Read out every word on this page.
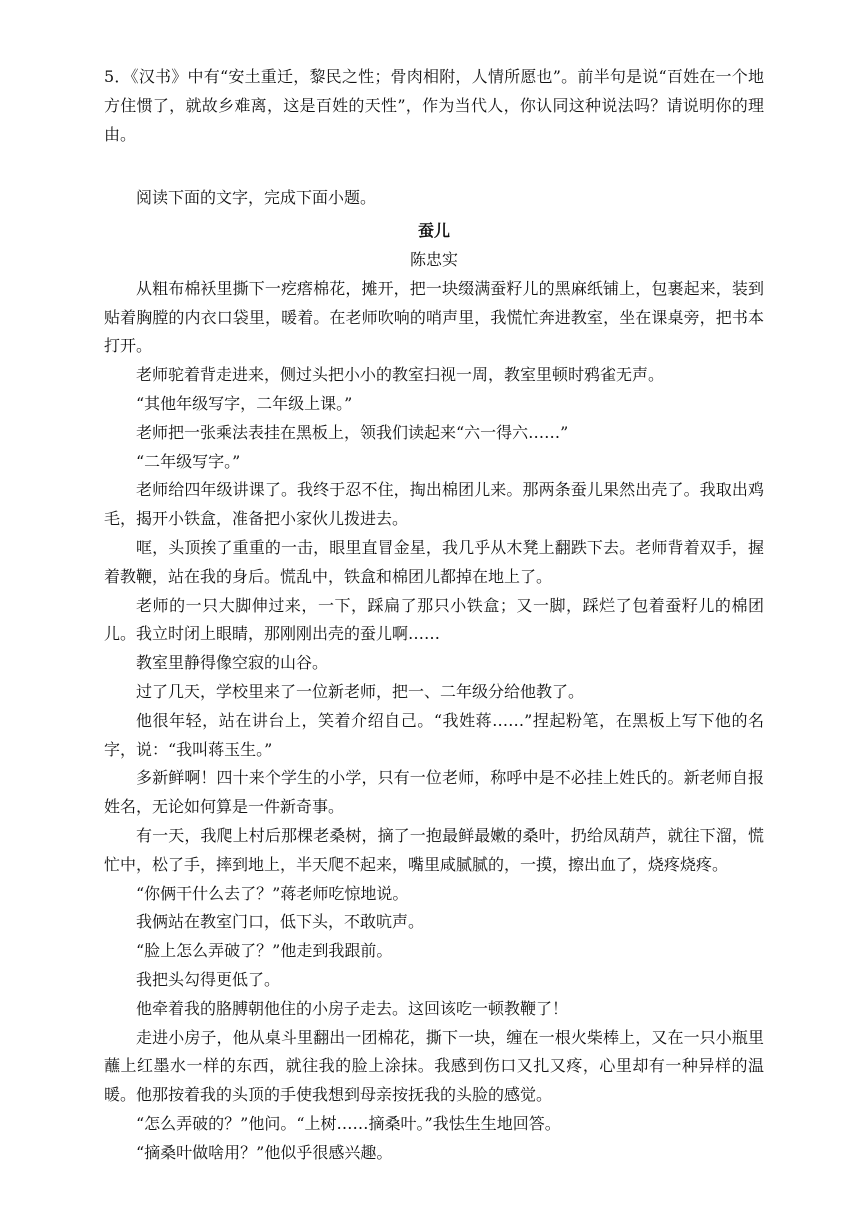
5．《汉书》中有“安土重迁，黎民之性；骨肉相附，人情所愿也”。前半句是说“百姓在一个地方住惯了，就故乡难离，这是百姓的天性”，作为当代人，你认同这种说法吗？请说明你的理由。

阅读下面的文字，完成下面小题。

蚕儿

陈忠实

从粗布棉袄里撕下一疙瘩棉花，摊开，把一块缀满蚕籽儿的黑麻纸铺上，包裹起来，装到贴着胸膛的内衣口袋里，暖着。在老师吹响的哨声里，我慌忙奔进教室，坐在课桌旁，把书本打开。

老师驼着背走进来，侧过头把小小的教室扫视一周，教室里顿时鸦雀无声。

“其他年级写字，二年级上课。”

老师把一张乘法表挂在黑板上，领我们读起来“六一得六……”

“二年级写字。”

老师给四年级讲课了。我终于忍不住，掏出棉团儿来。那两条蚕儿果然出壳了。我取出鸡毛，揭开小铁盒，准备把小家伙儿拨进去。

哐，头顶挨了重重的一击，眼里直冒金星，我几乎从木凳上翻跌下去。老师背着双手，握着教鞭，站在我的身后。慌乱中，铁盒和棉团儿都掉在地上了。

老师的一只大脚伸过来，一下，踩扁了那只小铁盒；又一脚，踩烂了包着蚕籽儿的棉团儿。我立时闭上眼睛，那刚刚出壳的蚕儿啊……

教室里静得像空寂的山谷。

过了几天，学校里来了一位新老师，把一、二年级分给他教了。

他很年轻，站在讲台上，笑着介绍自己。“我姓蒋……”捏起粉笔，在黑板上写下他的名字，说：“我叫蒋玉生。”

多新鲜啊！四十来个学生的小学，只有一位老师，称呼中是不必挂上姓氏的。新老师自报姓名，无论如何算是一件新奇事。

有一天，我爬上村后那棵老桑树，摘了一抱最鲜最嫩的桑叶，扔给凤葫芦，就往下溜，慌忙中，松了手，摔到地上，半天爬不起来，嘴里咸腻腻的，一摸，擦出血了，烧疼烧疼。

“你俩干什么去了？”蒋老师吃惊地说。

我俩站在教室门口，低下头，不敢吭声。

“脸上怎么弄破了？”他走到我跟前。

我把头勾得更低了。

他牵着我的胳膊朝他住的小房子走去。这回该吃一顿教鞭了！

走进小房子，他从桌斗里翻出一团棉花，撕下一块，缠在一根火柴棒上，又在一只小瓶里蘸上红墨水一样的东西，就往我的脸上涂抹。我感到伤口又扎又疼，心里却有一种异样的温暖。他那按着我的头顶的手使我想到母亲按抚我的头脸的感觉。

“怎么弄破的？”他问。“上树……摘桑叶。”我怯生生地回答。

“摘桑叶做啥用？”他似乎很感兴趣。
